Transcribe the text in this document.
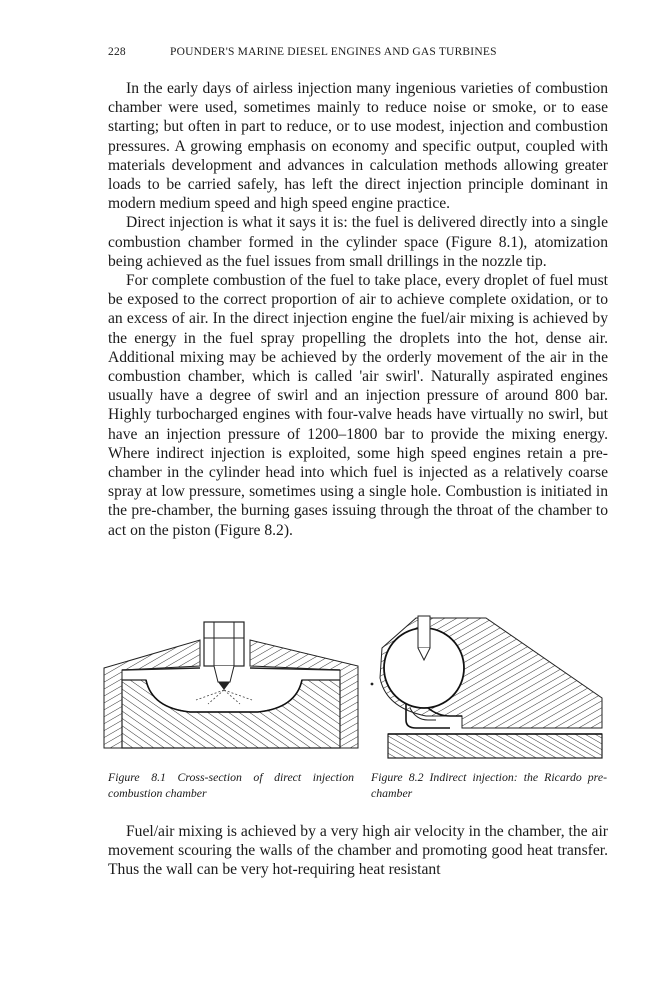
228	POUNDER'S MARINE DIESEL ENGINES AND GAS TURBINES

In the early days of airless injection many ingenious varieties of combustion chamber were used, sometimes mainly to reduce noise or smoke, or to ease starting; but often in part to reduce, or to use modest, injection and combustion pressures. A growing emphasis on economy and specific output, coupled with materials development and advances in calculation methods allowing greater loads to be carried safely, has left the direct injection principle dominant in modern medium speed and high speed engine practice.

Direct injection is what it says it is: the fuel is delivered directly into a single combustion chamber formed in the cylinder space (Figure 8.1), atomization being achieved as the fuel issues from small drillings in the nozzle tip.

For complete combustion of the fuel to take place, every droplet of fuel must be exposed to the correct proportion of air to achieve complete oxidation, or to an excess of air. In the direct injection engine the fuel/air mixing is achieved by the energy in the fuel spray propelling the droplets into the hot, dense air. Additional mixing may be achieved by the orderly movement of the air in the combustion chamber, which is called 'air swirl'. Naturally aspirated engines usually have a degree of swirl and an injection pressure of around 800 bar. Highly turbocharged engines with four-valve heads have virtually no swirl, but have an injection pressure of 1200–1800 bar to provide the mixing energy. Where indirect injection is exploited, some high speed engines retain a pre-chamber in the cylinder head into which fuel is injected as a relatively coarse spray at low pressure, sometimes using a single hole. Combustion is initiated in the pre-chamber, the burning gases issuing through the throat of the chamber to act on the piston (Figure 8.2).

Figure 8.1 Cross-section of direct injection combustion chamber
Figure 8.2 Indirect injection: the Ricardo pre-chamber

Fuel/air mixing is achieved by a very high air velocity in the chamber, the air movement scouring the walls of the chamber and promoting good heat transfer. Thus the wall can be very hot-requiring heat resistant
